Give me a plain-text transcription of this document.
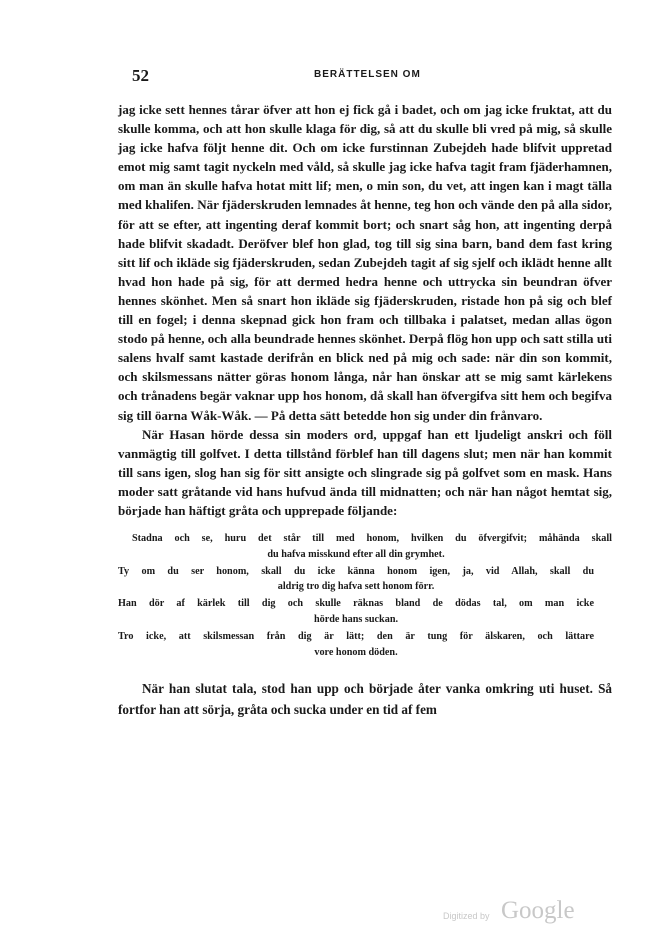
52	BERÄTTELSEN OM

jag icke sett hennes tårar öfver att hon ej fick gå i badet, och om jag icke fruktat, att du skulle komma, och att hon skulle klaga för dig, så att du skulle bli vred på mig, så skulle jag icke hafva följt henne dit. Och om icke furstinnan Zubejdeh hade blifvit uppretad emot mig samt tagit nyckeln med våld, så skulle jag icke hafva tagit fram fjäderhamnen, om man än skulle hafva hotat mitt lif; men, o min son, du vet, att ingen kan i magt tälla med khalifen. När fjäderskruden lemnades åt henne, teg hon och vände den på alla sidor, för att se efter, att ingenting deraf kommit bort; och snart såg hon, att ingenting derpå hade blifvit skadadt. Deröfver blef hon glad, tog till sig sina barn, band dem fast kring sitt lif och ikläde sig fjäderskruden, sedan Zubejdeh tagit af sig sjelf och iklädt henne allt hvad hon hade på sig, för att dermed hedra henne och uttrycka sin beundran öfver hennes skönhet. Men så snart hon ikläde sig fjäderskruden, ristade hon på sig och blef till en fogel; i denna skepnad gick hon fram och tillbaka i palatset, medan allas ögon stodo på henne, och alla beundrade hennes skönhet. Derpå flög hon upp och satt stilla uti salens hvalf samt kastade derifrån en blick ned på mig och sade: när din son kommit, och skilsmessans nätter göras honom långa, når han önskar att se mig samt kärlekens och trånadens begär vaknar upp hos honom, då skall han öfvergifva sitt hem och begifva sig till öarna Wåk-Wåk. — På detta sätt betedde hon sig under din frånvaro.

När Hasan hörde dessa sin moders ord, uppgaf han ett ljudeligt anskri och föll vanmägtig till golfvet. I detta tillstånd förblef han till dagens slut; men när han kommit till sans igen, slog han sig för sitt ansigte och slingrade sig på golfvet som en mask. Hans moder satt gråtande vid hans hufvud ända till midnatten; och när han något hemtat sig, började han häftigt gråta och upprepade följande:

Stadna och se, huru det står till med honom, hvilken du öfvergifvit; måhända skall
du hafva misskund efter all din grymhet.
Ty om du ser honom, skall du icke känna honom igen, ja, vid Allah, skall du
aldrig tro dig hafva sett honom förr.
Han dör af kärlek till dig och skulle räknas bland de dödas tal, om man icke
hörde hans suckan.
Tro icke, att skilsmessan från dig är lätt; den är tung för älskaren, och lättare
vore honom döden.

När han slutat tala, stod han upp och började åter vanka omkring uti huset. Så fortfor han att sörja, gråta och sucka under en tid af fem

Digitized by Google
